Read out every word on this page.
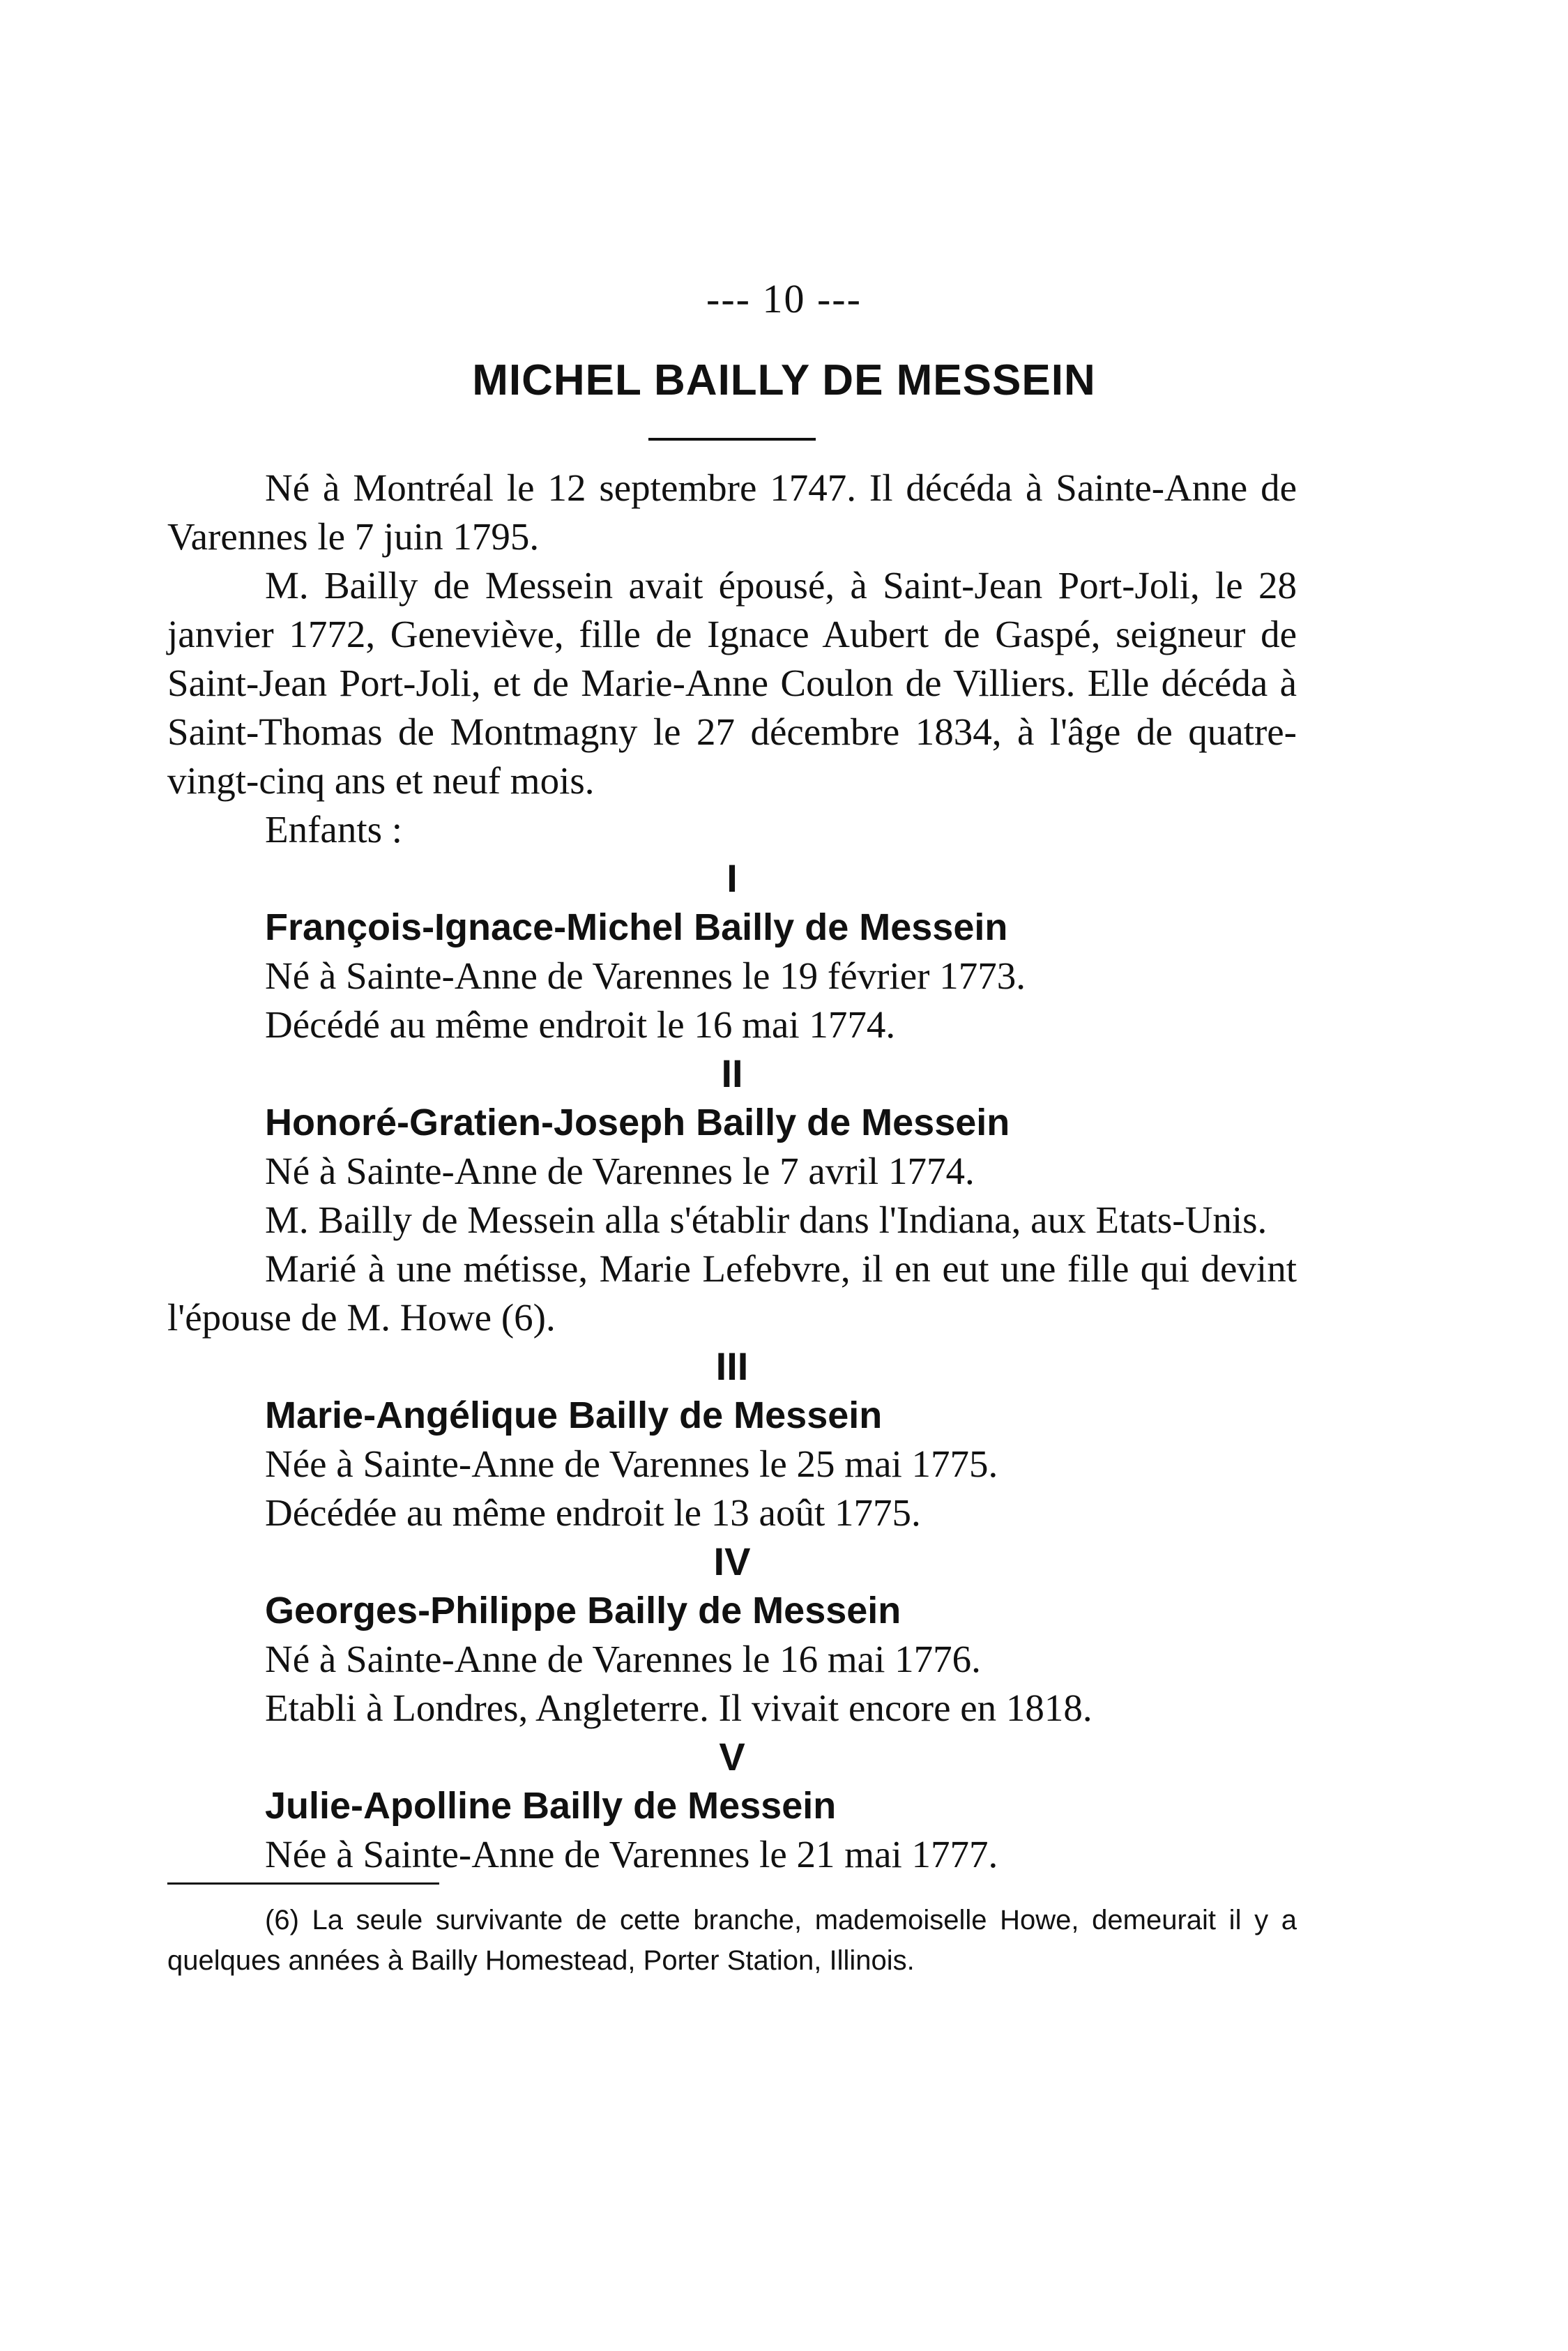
--- 10 ---
MICHEL BAILLY DE MESSEIN

Né à Montréal le 12 septembre 1747. Il décéda à Sainte-Anne de Varennes le 7 juin 1795.

M. Bailly de Messein avait épousé, à Saint-Jean Port-Joli, le 28 janvier 1772, Geneviève, fille de Ignace Aubert de Gaspé, seigneur de Saint-Jean Port-Joli, et de Marie-Anne Coulon de Villiers. Elle décéda à Saint-Thomas de Montmagny le 27 décembre 1834, à l'âge de quatre-vingt-cinq ans et neuf mois.

Enfants :

I

François-Ignace-Michel Bailly de Messein

Né à Sainte-Anne de Varennes le 19 février 1773.

Décédé au même endroit le 16 mai 1774.

II

Honoré-Gratien-Joseph Bailly de Messein

Né à Sainte-Anne de Varennes le 7 avril 1774.

M. Bailly de Messein alla s'établir dans l'Indiana, aux Etats-Unis.

Marié à une métisse, Marie Lefebvre, il en eut une fille qui devint l'épouse de M. Howe (6).

III

Marie-Angélique Bailly de Messein

Née à Sainte-Anne de Varennes le 25 mai 1775.

Décédée au même endroit le 13 août 1775.

IV

Georges-Philippe Bailly de Messein

Né à Sainte-Anne de Varennes le 16 mai 1776.

Etabli à Londres, Angleterre. Il vivait encore en 1818.

V

Julie-Apolline Bailly de Messein

Née à Sainte-Anne de Varennes le 21 mai 1777.

(6) La seule survivante de cette branche, mademoiselle Howe, demeurait il y a quelques années à Bailly Homestead, Porter Station, Illinois.
